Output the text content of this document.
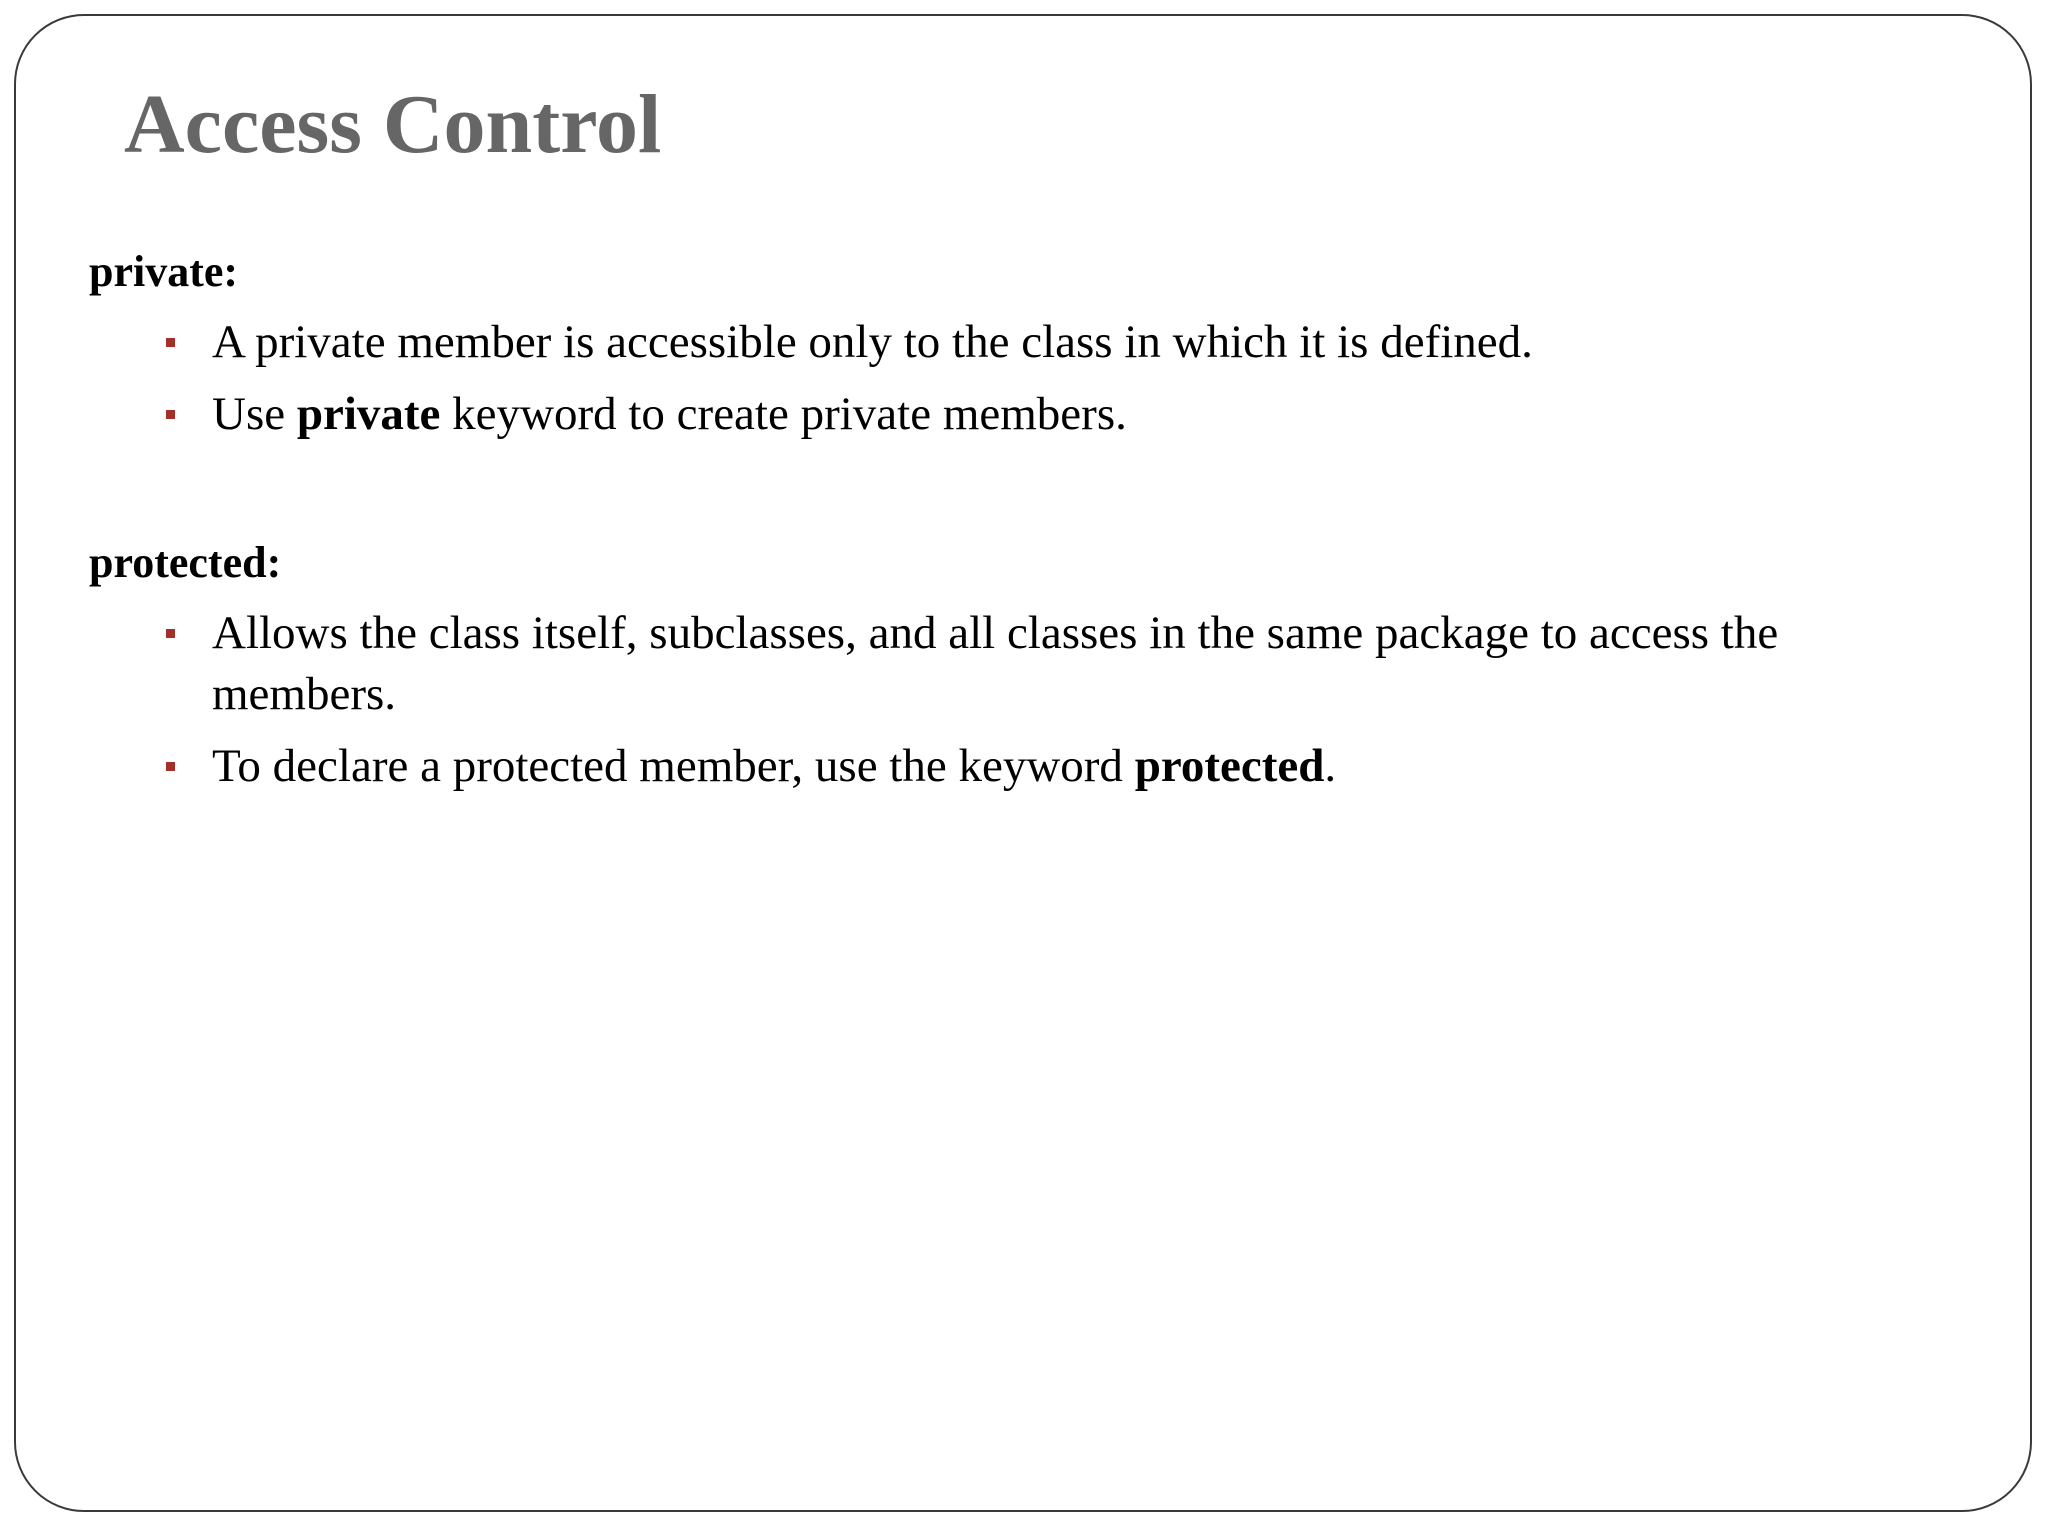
Access Control
private:
A private member is accessible only to the class in which it is defined.
Use private keyword to create private members.
protected:
Allows the class itself, subclasses, and all classes in the same package to access the members.
To declare a protected member, use the keyword protected.
